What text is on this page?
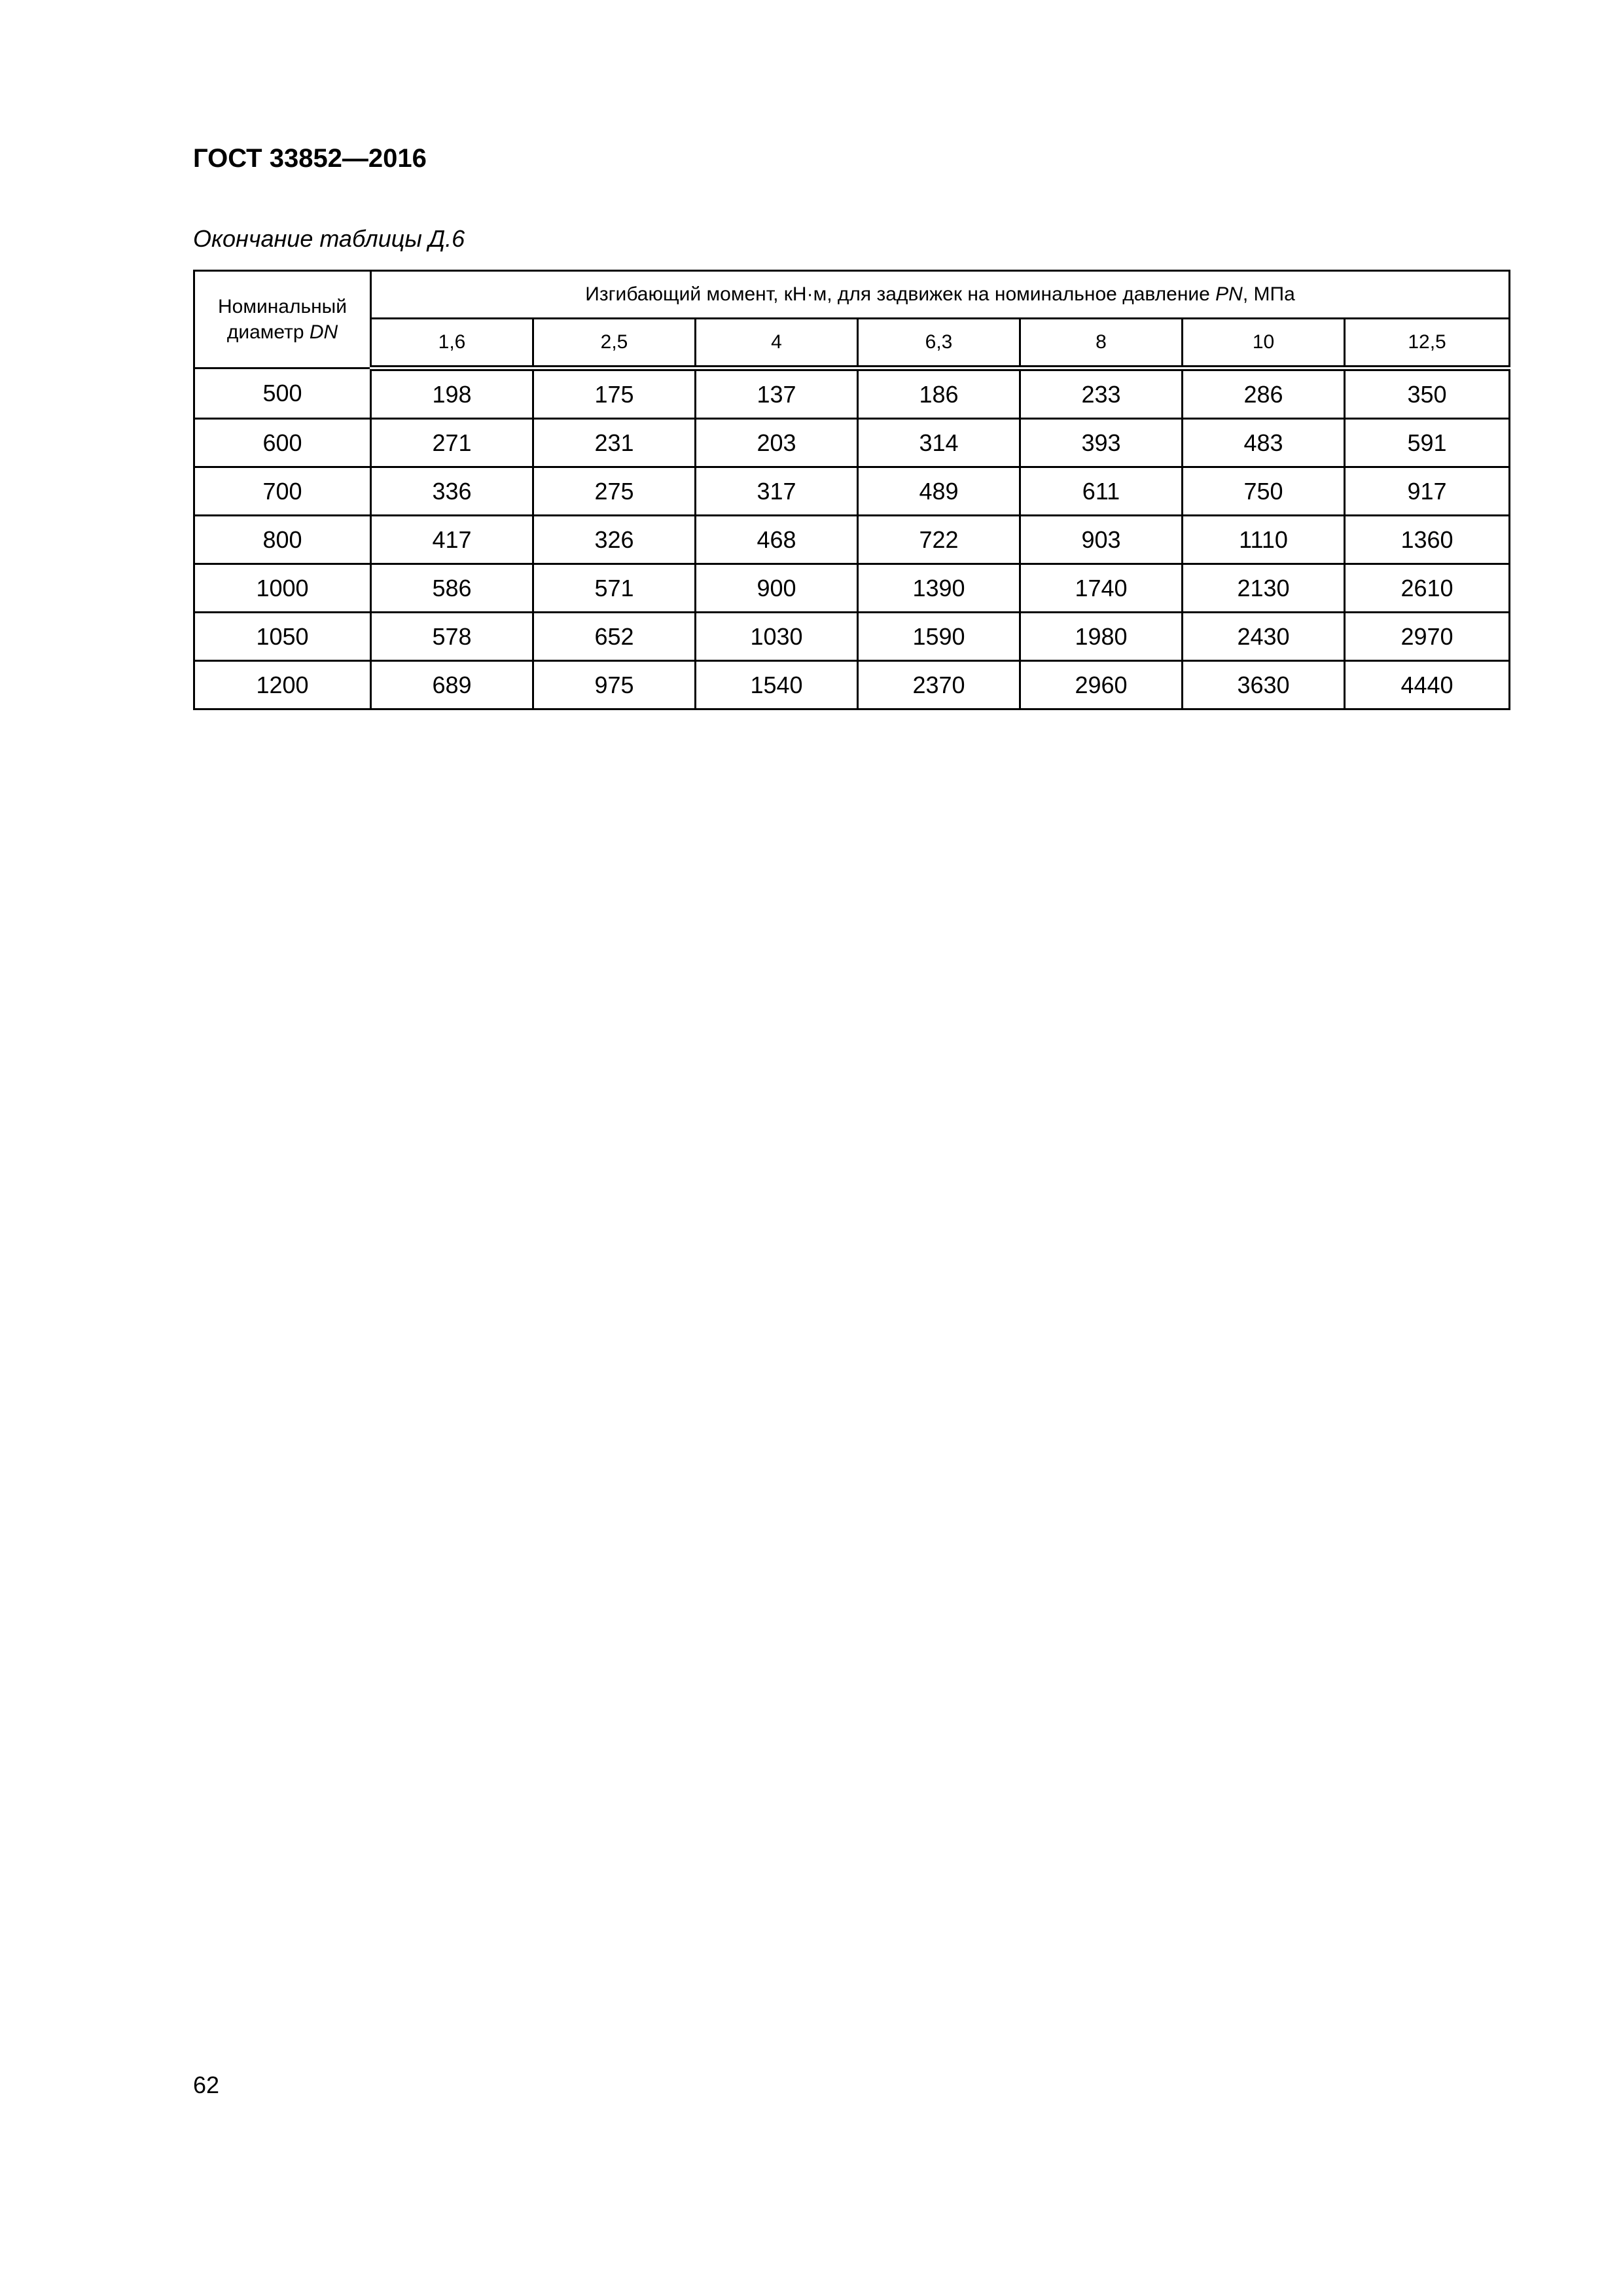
ГОСТ 33852—2016

Окончание таблицы Д.6

Номинальный
диаметр DN	Изгибающий момент, кН·м, для задвижек на номинальное давление PN, МПа						
	1,6	2,5	4	6,3	8	10	12,5
500	198	175	137	186	233	286	350
600	271	231	203	314	393	483	591
700	336	275	317	489	611	750	917
800	417	326	468	722	903	1110	1360
1000	586	571	900	1390	1740	2130	2610
1050	578	652	1030	1590	1980	2430	2970
1200	689	975	1540	2370	2960	3630	4440

62
